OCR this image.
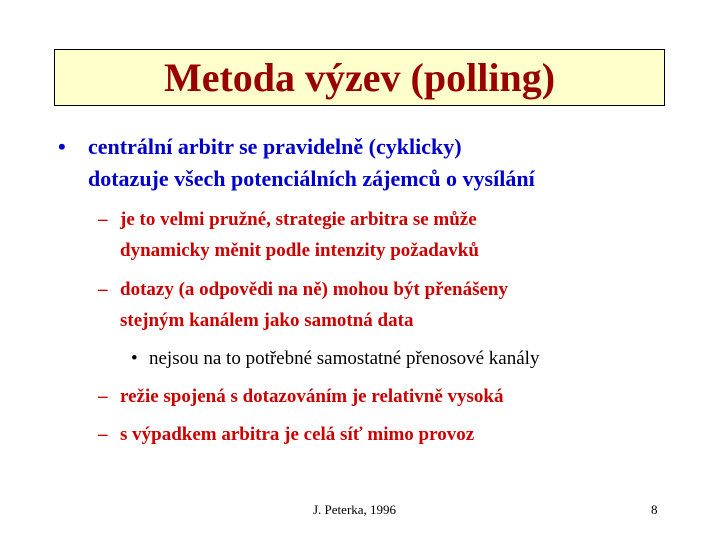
Metoda výzev (polling)
•	centrální arbitr se pravidelně (cyklicky)
dotazuje všech potenciálních zájemců o vysílání
– je to velmi pružné, strategie arbitra se může
dynamicky měnit podle intenzity požadavků
– dotazy (a odpovědi na ně) mohou být přenášeny
stejným kanálem jako samotná data
• nejsou na to potřebné samostatné přenosové kanály
– režie spojená s dotazováním je relativně vysoká
– s výpadkem arbitra je celá síť mimo provoz
J. Peterka, 1996	8
